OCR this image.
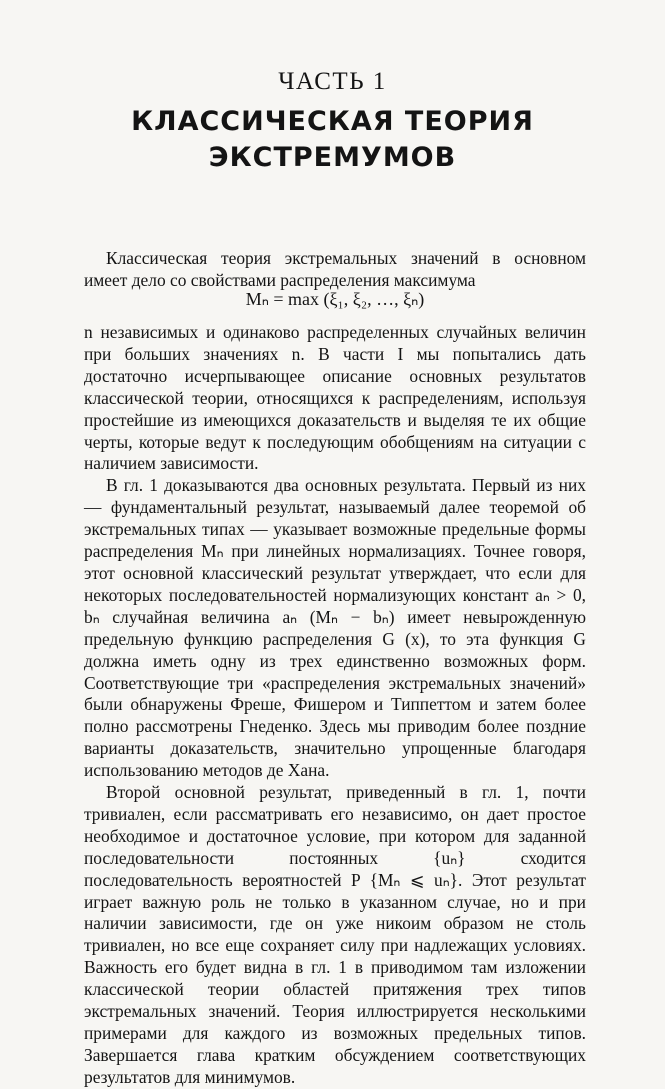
ЧАСТЬ 1
КЛАССИЧЕСКАЯ ТЕОРИЯ
ЭКСТРЕМУМОВ

Классическая теория экстремальных значений в основном имеет дело со свойствами распределения максимума

Mₙ = max (ξ₁, ξ₂, …, ξₙ)

n независимых и одинаково распределенных случайных величин при больших значениях n. В части I мы попытались дать достаточно исчерпывающее описание основных результатов классической теории, относящихся к распределениям, используя простейшие из имеющихся доказательств и выделяя те их общие черты, которые ведут к последующим обобщениям на ситуации с наличием зависимости.

В гл. 1 доказываются два основных результата. Первый из них — фундаментальный результат, называемый далее теоремой об экстремальных типах — указывает возможные предельные формы распределения Mₙ при линейных нормализациях. Точнее говоря, этот основной классический результат утверждает, что если для некоторых последовательностей нормализующих констант aₙ > 0, bₙ случайная величина aₙ (Mₙ − bₙ) имеет невырожденную предельную функцию распределения G (x), то эта функция G должна иметь одну из трех единственно возможных форм. Соответствующие три «распределения экстремальных значений» были обнаружены Фреше, Фишером и Типпеттом и затем более полно рассмотрены Гнеденко. Здесь мы приводим более поздние варианты доказательств, значительно упрощенные благодаря использованию методов де Хана.

Второй основной результат, приведенный в гл. 1, почти тривиален, если рассматривать его независимо, он дает простое необходимое и достаточное условие, при котором для заданной последовательности постоянных {uₙ} сходится последовательность вероятностей P {Mₙ ⩽ uₙ}. Этот результат играет важную роль не только в указанном случае, но и при наличии зависимости, где он уже никоим образом не столь тривиален, но все еще сохраняет силу при надлежащих условиях. Важность его будет видна в гл. 1 в приводимом там изложении классической теории областей притяжения трех типов экстремальных значений. Теория иллюстрируется несколькими примерами для каждого из возможных предельных типов. Завершается глава кратким обсуждением соответствующих результатов для минимумов.
